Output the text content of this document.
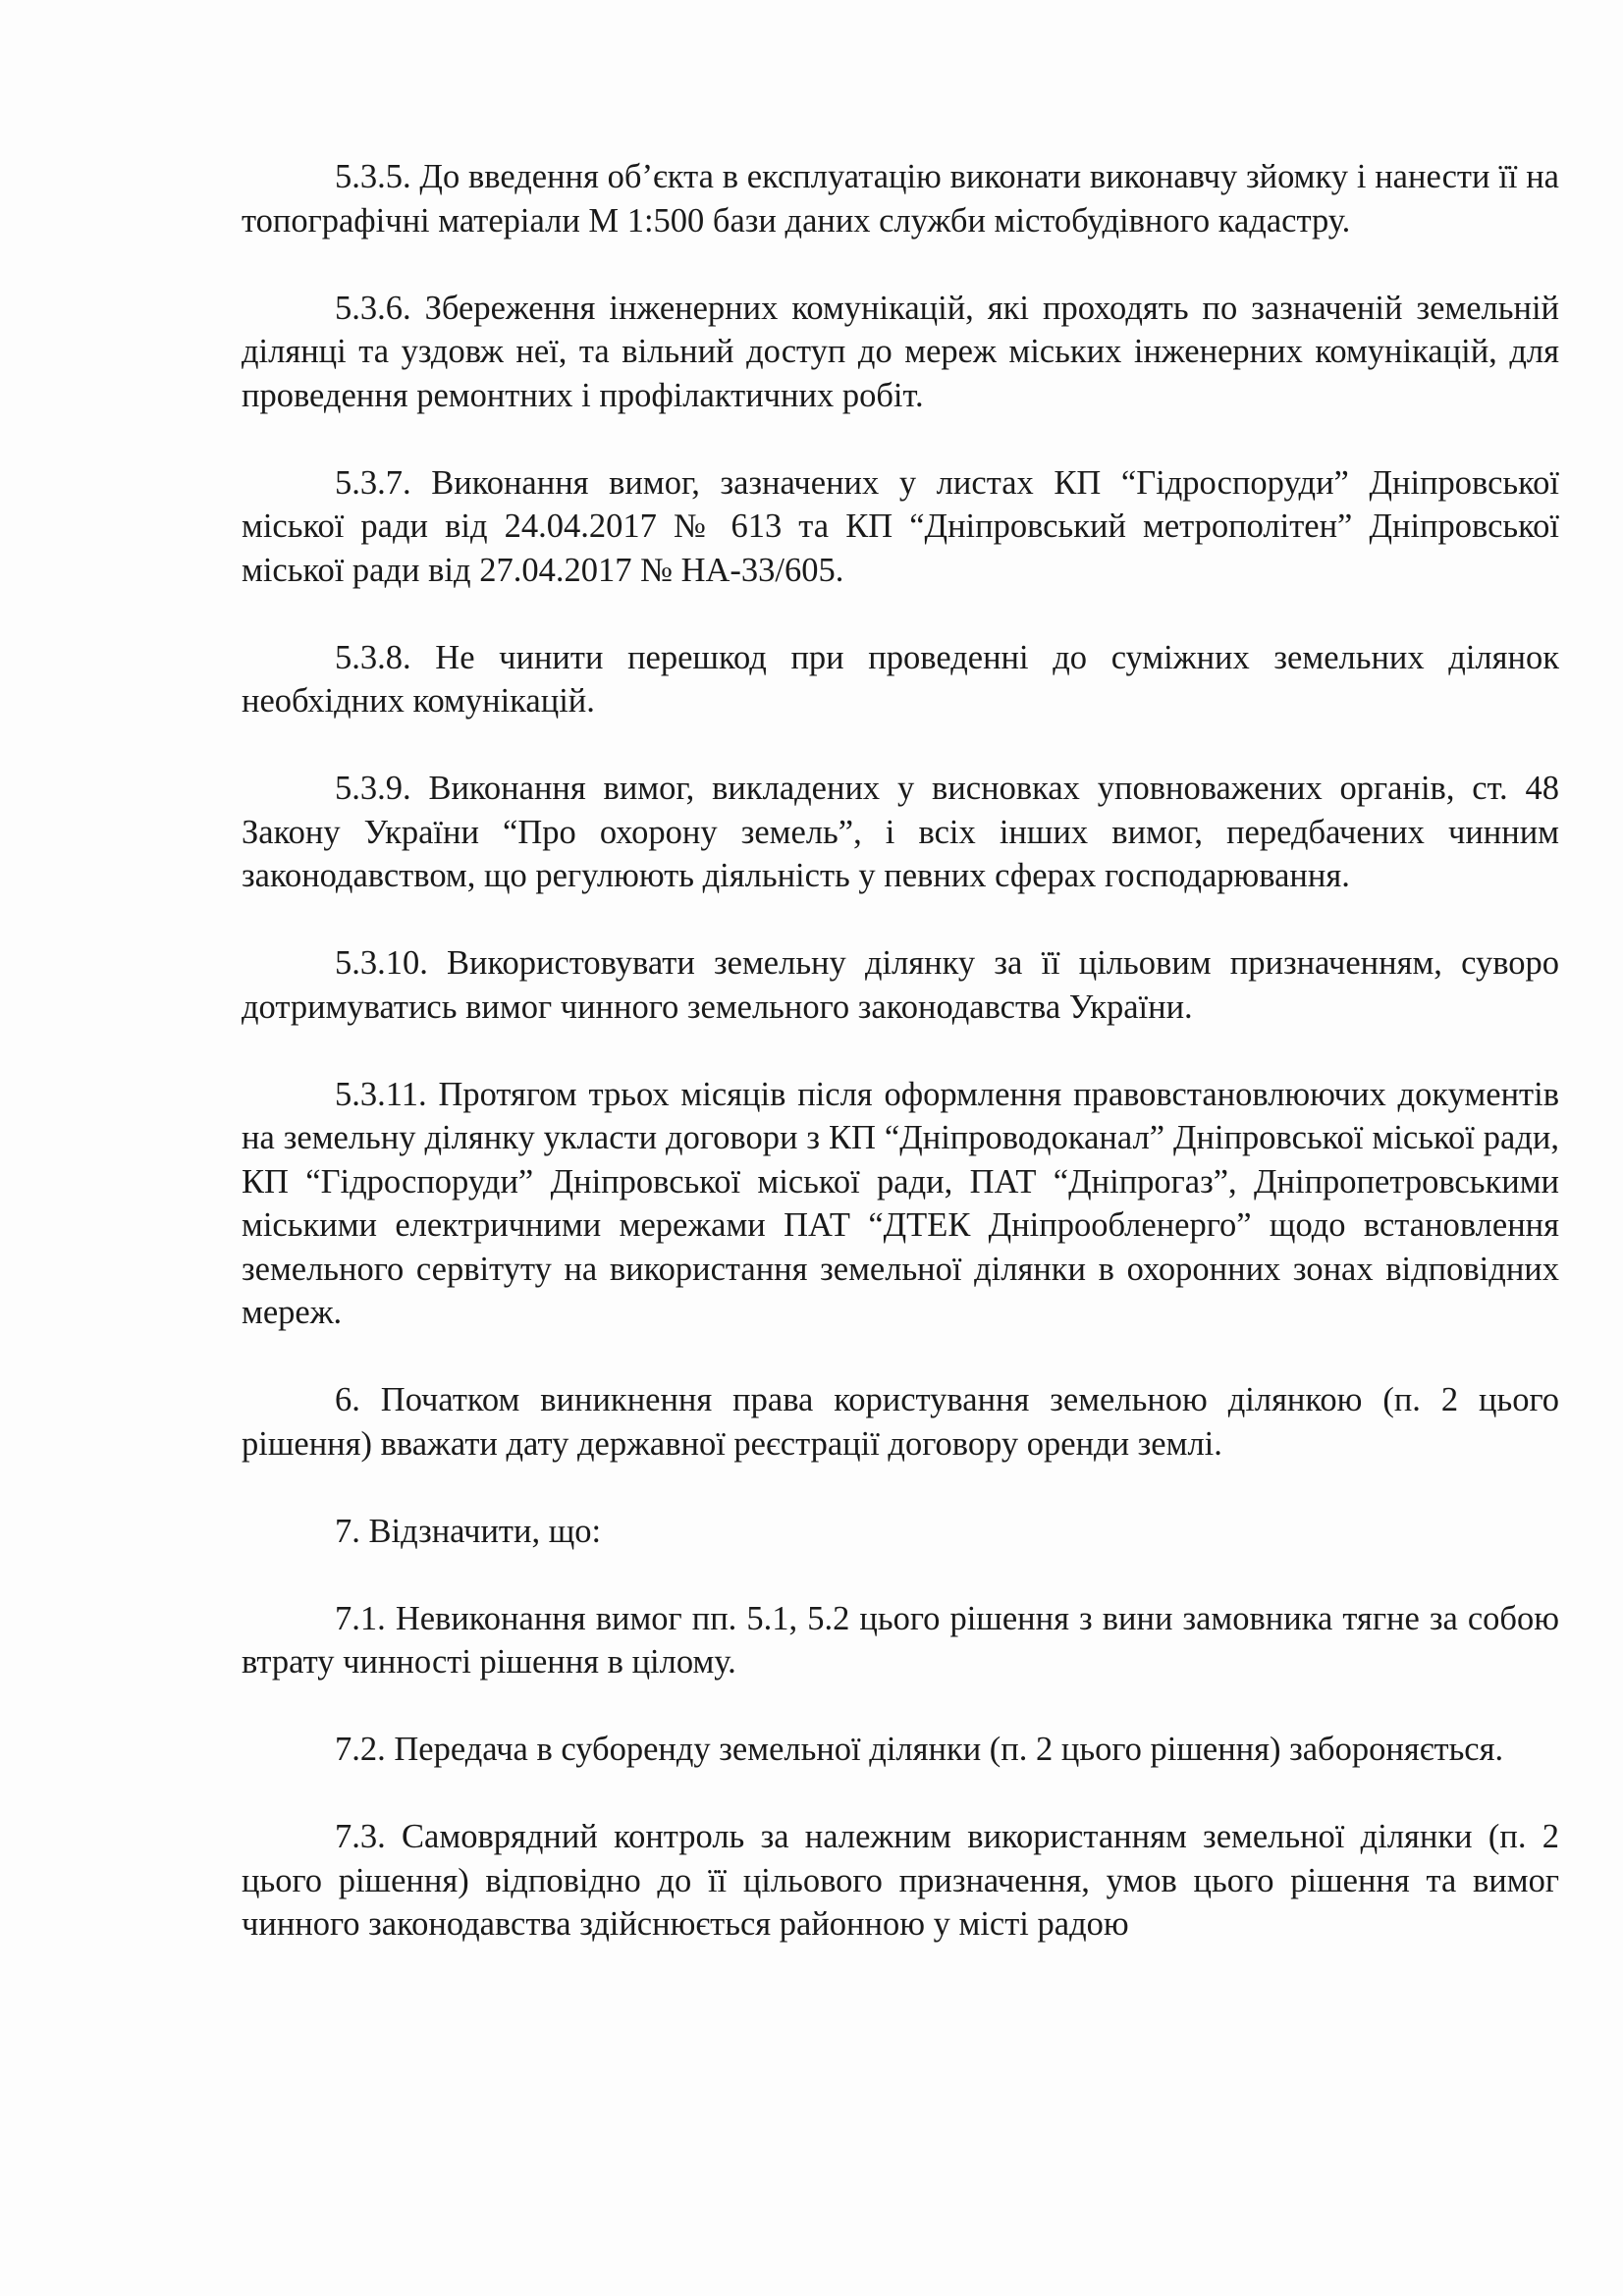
5.3.5. До введення об’єкта в експлуатацію виконати виконавчу зйомку і нанести її на топографічні матеріали М 1:500 бази даних служби містобудівного кадастру.

5.3.6. Збереження інженерних комунікацій, які проходять по зазначеній земельній ділянці та уздовж неї, та вільний доступ до мереж міських інженерних комунікацій, для проведення ремонтних і профілактичних робіт.

5.3.7. Виконання вимог, зазначених у листах КП “Гідроспоруди” Дніпровської міської ради від 24.04.2017 № 613 та КП “Дніпровський метрополітен” Дніпровської міської ради від 27.04.2017 № НА-33/605.

5.3.8. Не чинити перешкод при проведенні до суміжних земельних ділянок необхідних комунікацій.

5.3.9. Виконання вимог, викладених у висновках уповноважених органів, ст. 48 Закону України “Про охорону земель”, і всіх інших вимог, передбачених чинним законодавством, що регулюють діяльність у певних сферах господарювання.

5.3.10. Використовувати земельну ділянку за її цільовим призначенням, суворо дотримуватись вимог чинного земельного законодавства України.

5.3.11. Протягом трьох місяців після оформлення правовстановлюючих документів на земельну ділянку укласти договори з КП “Дніпроводоканал” Дніпровської міської ради, КП “Гідроспоруди” Дніпровської міської ради, ПАТ “Дніпрогаз”, Дніпропетровськими міськими електричними мережами ПАТ “ДТЕК Дніпрообленерго” щодо встановлення земельного сервітуту на використання земельної ділянки в охоронних зонах відповідних мереж.

6. Початком виникнення права користування земельною ділянкою (п. 2 цього рішення) вважати дату державної реєстрації договору оренди землі.

7. Відзначити, що:

7.1. Невиконання вимог пп. 5.1, 5.2 цього рішення з вини замовника тягне за собою втрату чинності рішення в цілому.

7.2. Передача в суборенду земельної ділянки (п. 2 цього рішення) забороняється.

7.3. Самоврядний контроль за належним використанням земельної ділянки (п. 2 цього рішення) відповідно до її цільового призначення, умов цього рішення та вимог чинного законодавства здійснюється районною у місті радою
